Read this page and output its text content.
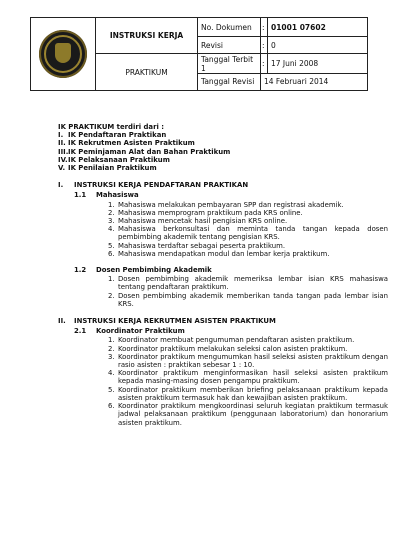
	INSTRUKSI KERJA	No. Dokumen	:	01001 07602
		Revisi	:	0
	PRAKTIKUM	Tanggal Terbit 1	:	17 Juni 2008
		Tanggal Revisi	14 Februari 2014	
IK PRAKTIKUM terdiri dari :
I. IK Pendaftaran Praktikan
II. IK Rekrutmen Asisten Praktikum
III. IK Peminjaman Alat dan Bahan Praktikum
IV. IK Pelaksanaan Praktikum
V. IK Penilaian Praktikum
I.	INSTRUKSI KERJA PENDAFTARAN PRAKTIKAN
1.1	Mahasiswa
1. Mahasiswa melakukan pembayaran SPP dan registrasi akademik.
2. Mahasiswa memprogram praktikum pada KRS online.
3. Mahasiswa mencetak hasil pengisian KRS online.
4. Mahasiswa berkonsultasi dan meminta tanda tangan kepada dosen pembimbing akademik tentang pengisian KRS.
5. Mahasiswa terdaftar sebagai peserta praktikum.
6. Mahasiswa mendapatkan modul dan lembar kerja praktikum.
1.2	Dosen Pembimbing Akademik
1. Dosen pembimbing akademik memeriksa lembar isian KRS mahasiswa tentang pendaftaran praktikum.
2. Dosen pembimbing akademik memberikan tanda tangan pada lembar isian KRS.
II.	INSTRUKSI KERJA REKRUTMEN ASISTEN PRAKTIKUM
2.1	Koordinator Praktikum
1. Koordinator membuat pengumuman pendaftaran asisten praktikum.
2. Koordinator praktikum melakukan seleksi calon asisten praktikum.
3. Koordinator praktikum mengumumkan hasil seleksi asisten praktikum dengan rasio asisten : praktikan sebesar 1 : 10.
4. Koordinator praktikum menginformasikan hasil seleksi asisten praktikum kepada masing-masing dosen pengampu praktikum.
5. Koordinator praktikum memberikan briefing pelaksanaan praktikum kepada asisten praktikum termasuk hak dan kewajiban asisten praktikum.
6. Koordinator praktikum mengkoordinasi seluruh kegiatan praktikum termasuk jadwal pelaksanaan praktikum (penggunaan laboratorium) dan honorarium asisten praktikum.
